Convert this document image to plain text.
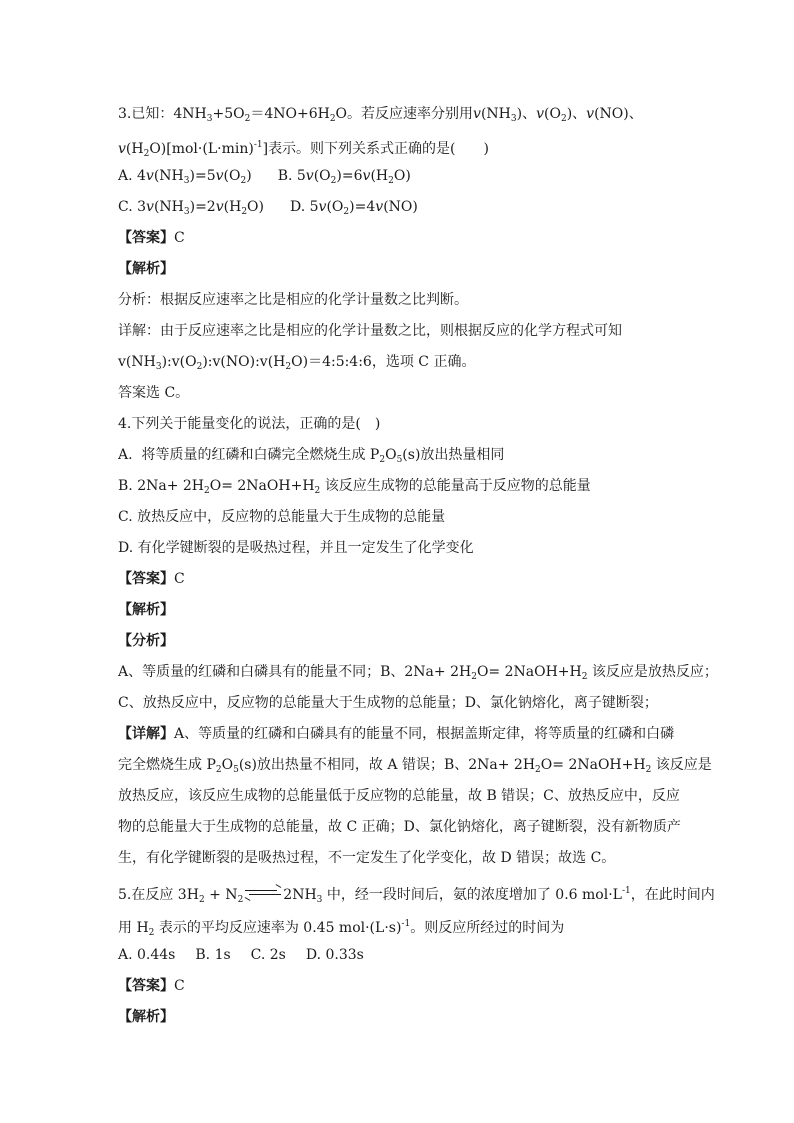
3.已知：$4NH_3+5O_2=4NO+6H_2O$。若反应速率分别用$v(NH_3)$、$v(O_2)$、v(NO)、
$v(H_2O)[mol\cdot(L\cdot\min)^{-1}]$表示。则下列关系式正确的是(　　)
A. $4v(NH_3)=5v(O_2)$ B. $5v(O_2)=6v(H_2O)$
C. $3v(NH_3)=2v(H_2O)$ D. $5v(O_2)=4v(NO)$
【答案】C
【解析】
分析：根据反应速率之比是相应的化学计量数之比判断。
详解：由于反应速率之比是相应的化学计量数之比，则根据反应的化学方程式可知
$v(NH_3):v(O_2):v(NO):v(H_2O)=4:5:4:6$，选项 C 正确。
答案选 C。
4.下列关于能量变化的说法，正确的是(　)
A.  将等质量的红磷和白磷完全燃烧生成 $P_2O_5(s)$放出热量相同
B. $2Na+ 2H_2O=$ $2NaOH+H_2$ 该反应生成物的总能量高于反应物的总能量
C. 放热反应中，反应物的总能量大于生成物的总能量
D. 有化学键断裂的是吸热过程，并且一定发生了化学变化
【答案】C
【解析】
【分析】
A、等质量的红磷和白磷具有的能量不同；B、$2Na+ 2H_2O=$ $2NaOH+H_2$ 该反应是放热反应；
C、放热反应中，反应物的总能量大于生成物的总能量；D、氯化钠熔化，离子键断裂；
【详解】A、等质量的红磷和白磷具有的能量不同，根据盖斯定律，将等质量的红磷和白磷
完全燃烧生成 $P_2O_5(s)$放出热量不相同，故 A 错误；B、$2Na+ 2H_2O=$ $2NaOH+H_2$ 该反应是
放热反应，该反应生成物的总能量低于反应物的总能量，故 B 错误；C、放热反应中，反应
物的总能量大于生成物的总能量，故 C 正确；D、氯化钠熔化，离子键断裂，没有新物质产
生，有化学键断裂的是吸热过程，不一定发生了化学变化，故 D 错误；故选 C。
5.在反应 $3H_2 + N_2$ ⇌ $2NH_3$ 中，经一段时间后，氨的浓度增加了 0.6 $mol\cdot L^{-1}$，在此时间内
用 $H_2$ 表示的平均反应速率为 0.45 $mol\cdot(L\cdot s)^{-1}$。则反应所经过的时间为
A. 0.44s B. 1s C. 2s D. 0.33s
【答案】C
【解析】
